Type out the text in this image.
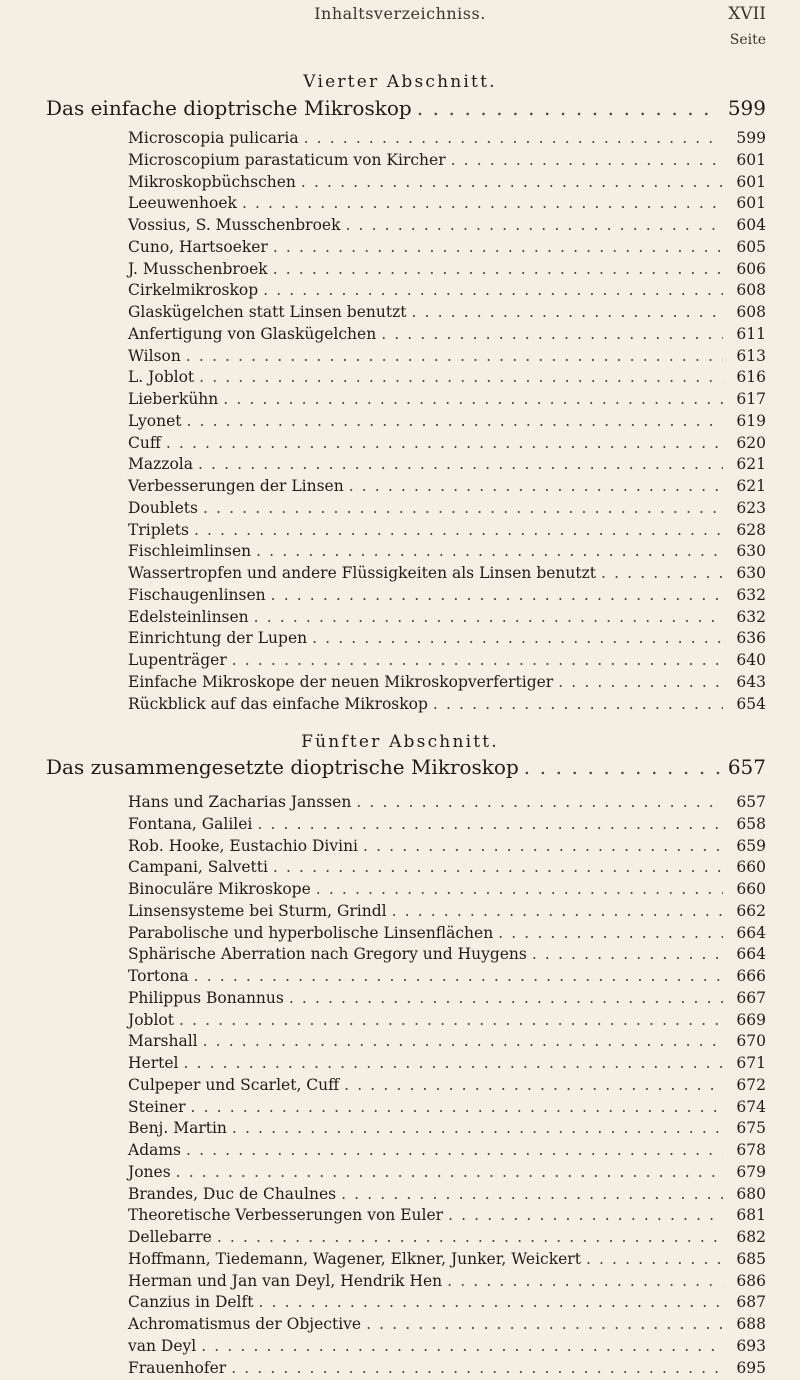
Inhaltsverzeichniss.	XVII
Seite
Vierter Abschnitt.
Das einfache dioptrische Mikroskop . . .	599
Microscopia pulicaria . . .	599
Microscopium parastaticum von Kircher . . .	601
Mikroskopbüchschen . . .	601
Leeuwenhoek . . .	601
Vossius, S. Musschenbroek . . .	604
Cuno, Hartsoeker . . .	605
J. Musschenbroek . . .	606
Cirkelmikroskop . . .	608
Glaskügelchen statt Linsen benutzt . . .	608
Anfertigung von Glaskügelchen . . .	611
Wilson . . .	613
L. Joblot . . .	616
Lieberkühn . . .	617
Lyonet . . .	619
Cuff . . .	620
Mazzola . . .	621
Verbesserungen der Linsen . . .	621
Doublets . . .	623
Triplets . . .	628
Fischleimlinsen . . .	630
Wassertropfen und andere Flüssigkeiten als Linsen benutzt . . .	630
Fischaugenlinsen . . .	632
Edelsteinlinsen . . .	632
Einrichtung der Lupen . . .	636
Lupenträger . . .	640
Einfache Mikroskope der neuen Mikroskopverfertiger . . .	643
Rückblick auf das einfache Mikroskop . . .	654
Fünfter Abschnitt.
Das zusammengesetzte dioptrische Mikroskop . . .	657
Hans und Zacharias Janssen . . .	657
Fontana, Galilei . . .	658
Rob. Hooke, Eustachio Divini . . .	659
Campani, Salvetti . . .	660
Binoculäre Mikroskope . . .	660
Linsensysteme bei Sturm, Grindl . . .	662
Parabolische und hyperbolische Linsenflächen . . .	664
Sphärische Aberration nach Gregory und Huygens . . .	664
Tortona . . .	666
Philippus Bonannus . . .	667
Joblot . . .	669
Marshall . . .	670
Hertel . . .	671
Culpeper und Scarlet, Cuff . . .	672
Steiner . . .	674
Benj. Martin . . .	675
Adams . . .	678
Jones . . .	679
Brandes, Duc de Chaulnes . . .	680
Theoretische Verbesserungen von Euler . . .	681
Dellebarre . . .	682
Hoffmann, Tiedemann, Wagener, Elkner, Junker, Weickert . . .	685
Herman und Jan van Deyl, Hendrik Hen . . .	686
Canzius in Delft . . .	687
Achromatismus der Objective . . .	688
van Deyl . . .	693
Frauenhofer . . .	695
